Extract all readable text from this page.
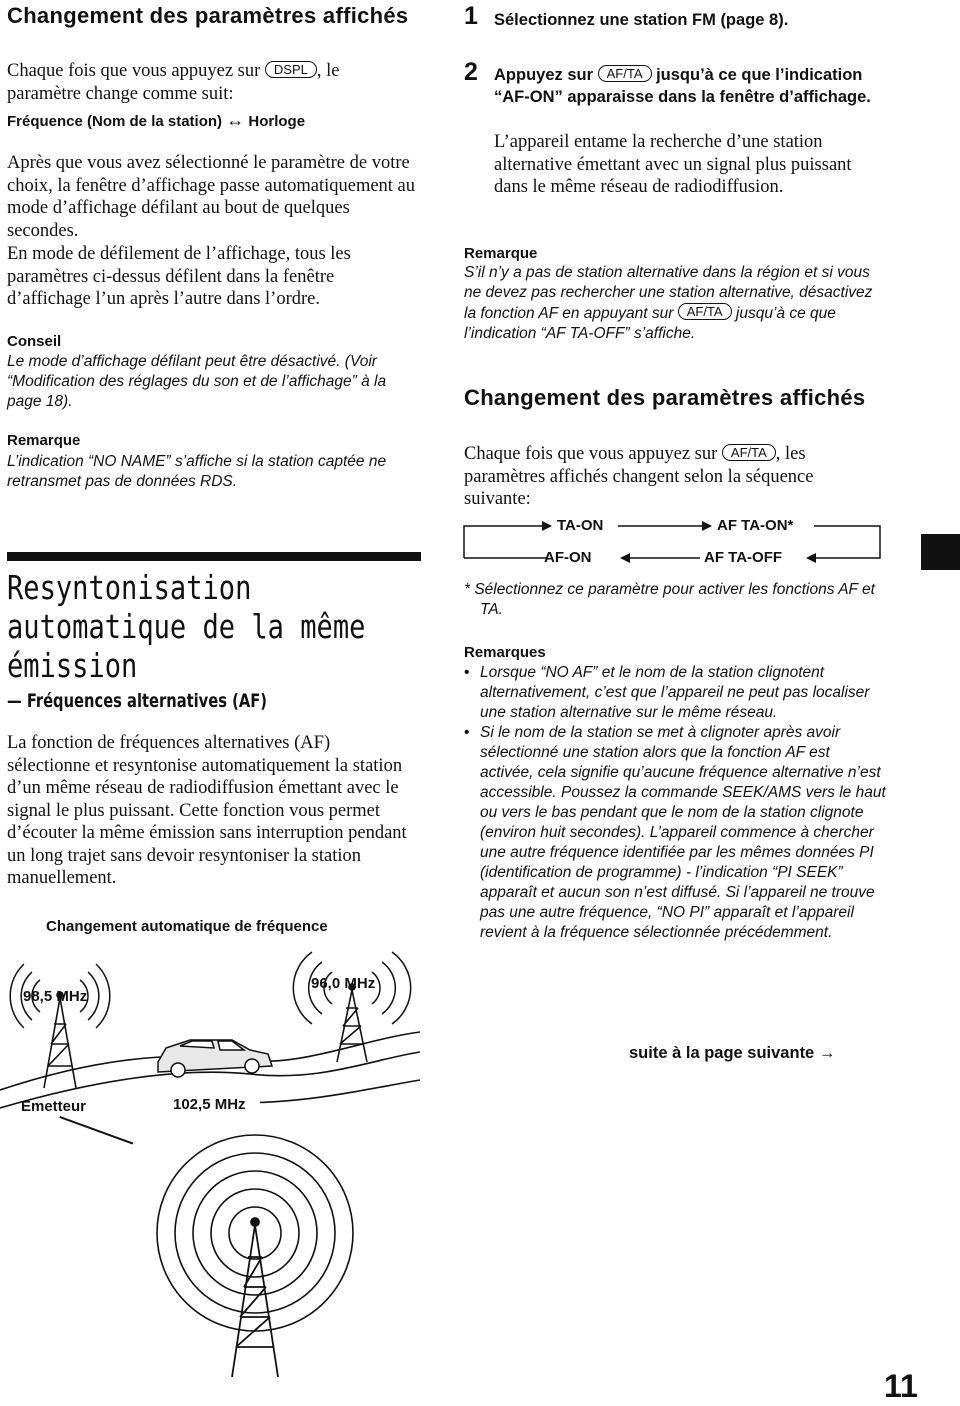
Changement des paramètres affichés
Chaque fois que vous appuyez sur DSPL , le paramètre change comme suit:
Fréquence (Nom de la station) ↔ Horloge
Après que vous avez sélectionné le paramètre de votre choix, la fenêtre d’affichage passe automatiquement au mode d’affichage défilant au bout de quelques secondes.
En mode de défilement de l’affichage, tous les paramètres ci-dessus défilent dans la fenêtre d’affichage l’un après l’autre dans l’ordre.
Conseil
Le mode d’affichage défilant peut être désactivé. (Voir “Modification des réglages du son et de l’affichage” à la page 18).
Remarque
L’indication “NO NAME” s’affiche si la station captée ne retransmet pas de données RDS.
Resyntonisation
automatique de la même
émission
— Fréquences alternatives (AF)
La fonction de fréquences alternatives (AF) sélectionne et resyntonise automatiquement la station d’un même réseau de radiodiffusion émettant avec le signal le plus puissant. Cette fonction vous permet d’écouter la même émission sans interruption pendant un long trajet sans devoir resyntoniser la station manuellement.
Changement automatique de fréquence
98,5 MHz
96,0 MHz
Emetteur	102,5 MHz
1 Sélectionnez une station FM (page 8).
2 Appuyez sur AF/TA jusqu’à ce que l’indication “AF-ON” apparaisse dans la fenêtre d’affichage.
L’appareil entame la recherche d’une station alternative émettant avec un signal plus puissant dans le même réseau de radiodiffusion.
Remarque
S’il n’y a pas de station alternative dans la région et si vous ne devez pas rechercher une station alternative, désactivez la fonction AF en appuyant sur AF/TA jusqu’à ce que l’indication “AF TA-OFF” s’affiche.
Changement des paramètres affichés
Chaque fois que vous appuyez sur AF/TA , les paramètres affichés changent selon la séquence suivante:
TA-ON	AF TA-ON*
AF TA-OFF
AF-ON
* Sélectionnez ce paramètre pour activer les fonctions AF et TA.
Remarques
• Lorsque “NO AF” et le nom de la station clignotent alternativement, c’est que l’appareil ne peut pas localiser une station alternative sur le même réseau.
• Si le nom de la station se met à clignoter après avoir sélectionné une station alors que la fonction AF est activée, cela signifie qu’aucune fréquence alternative n’est accessible. Poussez la commande SEEK/AMS vers le haut ou vers le bas pendant que le nom de la station clignote (environ huit secondes). L’appareil commence à chercher une autre fréquence identifiée par les mêmes données PI (identification de programme) - l’indication “PI SEEK” apparaît et aucun son n’est diffusé. Si l’appareil ne trouve pas une autre fréquence, “NO PI” apparaît et l’appareil revient à la fréquence sélectionnée précédemment.
suite à la page suivante →
11
